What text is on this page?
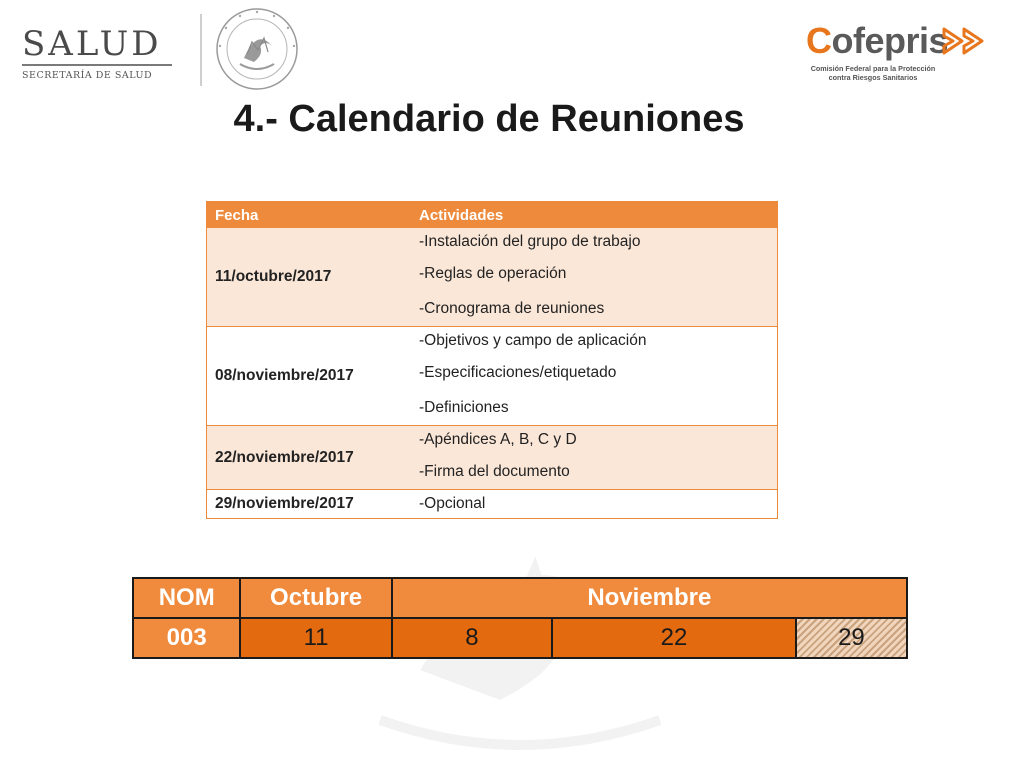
SALUD
SECRETARÍA DE SALUD
Cofepris
Comisión Federal para la Protección
contra Riesgos Sanitarios
4.- Calendario de Reuniones
Fecha	Actividades
11/octubre/2017	-Instalación del grupo de trabajo
-Reglas de operación
-Cronograma de reuniones

08/noviembre/2017	-Objetivos y campo de aplicación
-Especificaciones/etiquetado
-Definiciones

22/noviembre/2017	-Apéndices A, B, C y D
-Firma del documento

29/noviembre/2017	-Opcional
NOM	Octubre	Noviembre		
003	11	8	22	29
